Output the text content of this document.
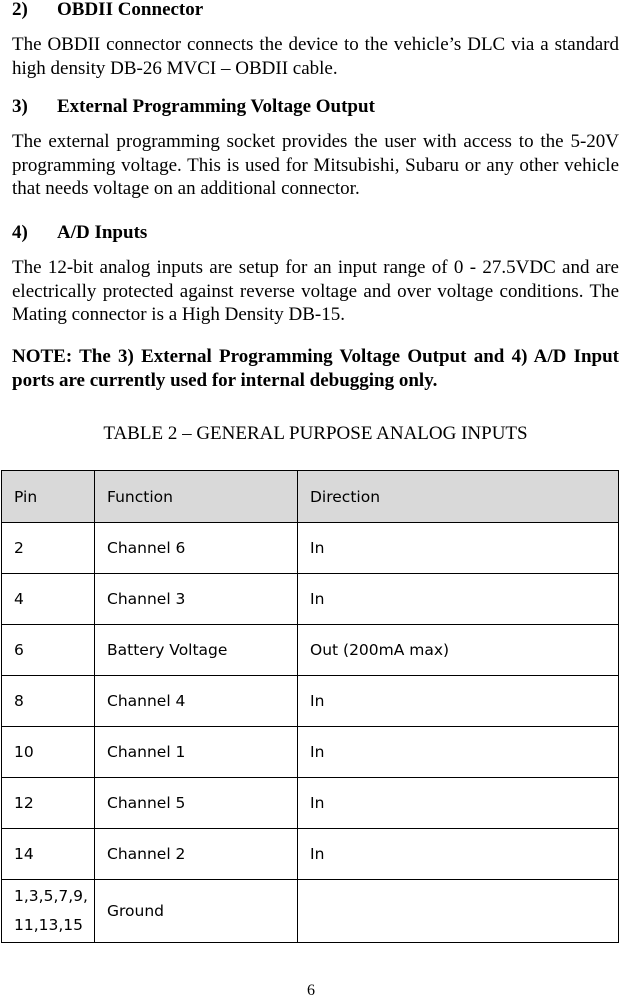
2)	OBDII Connector

The OBDII connector connects the device to the vehicle’s DLC via a standard high density DB-26 MVCI – OBDII cable.

3)	External Programming Voltage Output

The external programming socket provides the user with access to the 5-20V programming voltage. This is used for Mitsubishi, Subaru or any other vehicle that needs voltage on an additional connector.

4)	A/D Inputs

The 12-bit analog inputs are setup for an input range of 0 - 27.5VDC and are electrically protected against reverse voltage and over voltage conditions. The Mating connector is a High Density DB-15.

NOTE: The 3) External Programming Voltage Output and 4) A/D Input ports are currently used for internal debugging only.

TABLE 2 – GENERAL PURPOSE ANALOG INPUTS

Pin	Function	Direction
2	Channel 6	In
4	Channel 3	In
6	Battery Voltage	Out (200mA max)
8	Channel 4	In
10	Channel 1	In
12	Channel 5	In
14	Channel 2	In

1,3,5,7,9,
11,13,15	Ground	
6
